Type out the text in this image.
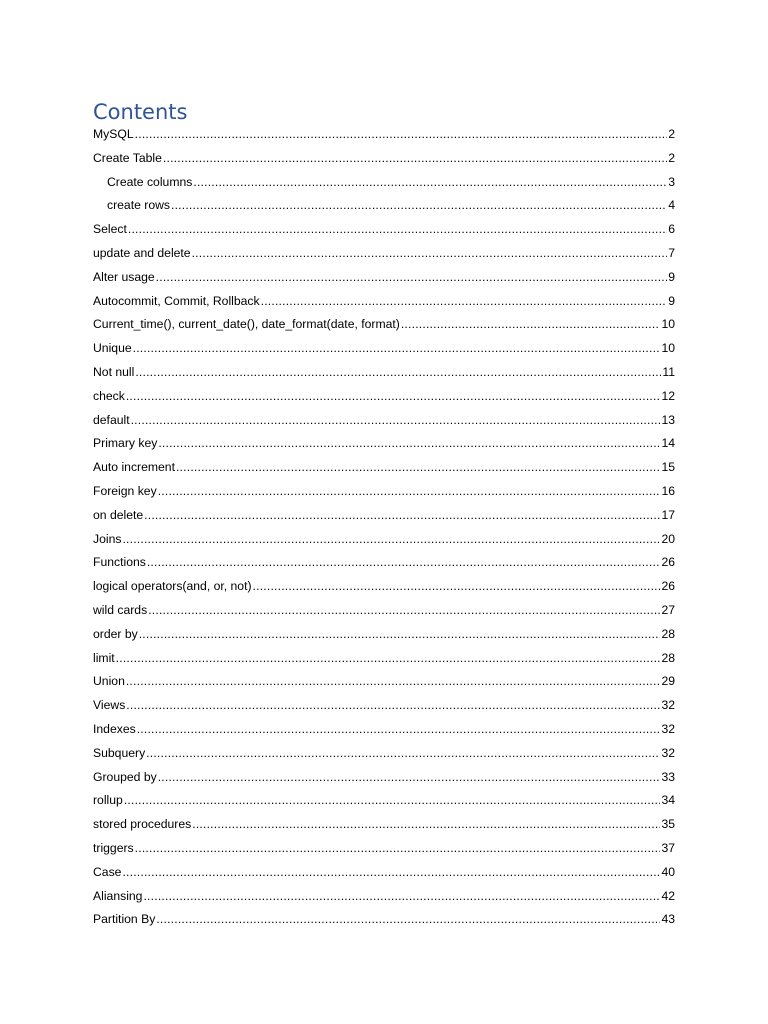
Contents
MySQL .....	2
Create Table .....	2
Create columns .....	3
create rows .....	4
Select .....	6
update and delete .....	7
Alter usage .....	9
Autocommit, Commit, Rollback .....	9
Current_time(), current_date(), date_format(date, format) .....	10
Unique .....	10
Not null .....	11
check .....	12
default .....	13
Primary key .....	14
Auto increment .....	15
Foreign key .....	16
on delete .....	17
Joins .....	20
Functions .....	26
logical operators(and, or, not) .....	26
wild cards .....	27
order by .....	28
limit .....	28
Union .....	29
Views .....	32
Indexes .....	32
Subquery .....	32
Grouped by .....	33
rollup .....	34
stored procedures .....	35
triggers .....	37
Case .....	40
Aliansing .....	42
Partition By .....	43
